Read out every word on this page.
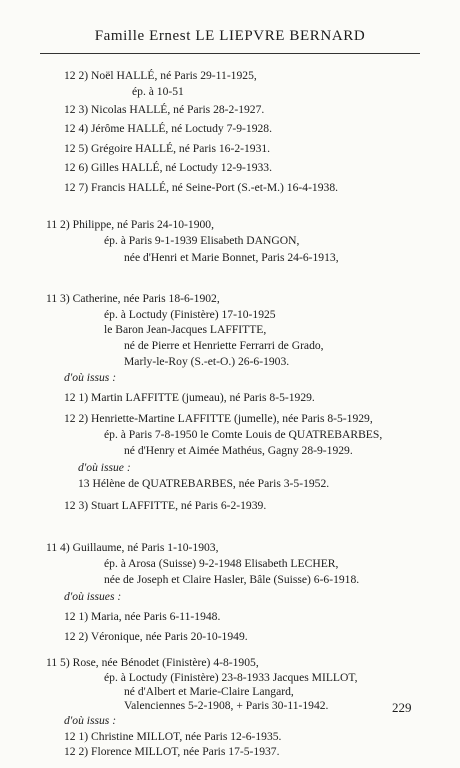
Famille Ernest LE LIEPVRE BERNARD
12 2) Noël HALLÉ, né Paris 29-11-1925,
ép. à 10-51
12 3) Nicolas HALLÉ, né Paris 28-2-1927.
12 4) Jérôme HALLÉ, né Loctudy 7-9-1928.
12 5) Grégoire HALLÉ, né Paris 16-2-1931.
12 6) Gilles HALLÉ, né Loctudy 12-9-1933.
12 7) Francis HALLÉ, né Seine-Port (S.-et-M.) 16-4-1938.
11 2) Philippe, né Paris 24-10-1900,
ép. à Paris 9-1-1939 Elisabeth DANGON,
née d'Henri et Marie Bonnet, Paris 24-6-1913,
11 3) Catherine, née Paris 18-6-1902,
ép. à Loctudy (Finistère) 17-10-1925
le Baron Jean-Jacques LAFFITTE,
né de Pierre et Henriette Ferrarri de Grado,
Marly-le-Roy (S.-et-O.) 26-6-1903.
d'où issus :
12 1) Martin LAFFITTE (jumeau), né Paris 8-5-1929.
12 2) Henriette-Martine LAFFITTE (jumelle), née Paris 8-5-1929,
ép. à Paris 7-8-1950 le Comte Louis de QUATREBARBES,
né d'Henry et Aimée Mathéus, Gagny 28-9-1929.
d'où issue :
13 Hélène de QUATREBARBES, née Paris 3-5-1952.
12 3) Stuart LAFFITTE, né Paris 6-2-1939.
11 4) Guillaume, né Paris 1-10-1903,
ép. à Arosa (Suisse) 9-2-1948 Elisabeth LECHER,
née de Joseph et Claire Hasler, Bâle (Suisse) 6-6-1918.
d'où issues :
12 1) Maria, née Paris 6-11-1948.
12 2) Véronique, née Paris 20-10-1949.
11 5) Rose, née Bénodet (Finistère) 4-8-1905,
ép. à Loctudy (Finistère) 23-8-1933 Jacques MILLOT,
né d'Albert et Marie-Claire Langard,
Valenciennes 5-2-1908, + Paris 30-11-1942.
d'où issus :
12 1) Christine MILLOT, née Paris 12-6-1935.
229
12 2) Florence MILLOT, née Paris 17-5-1937.
